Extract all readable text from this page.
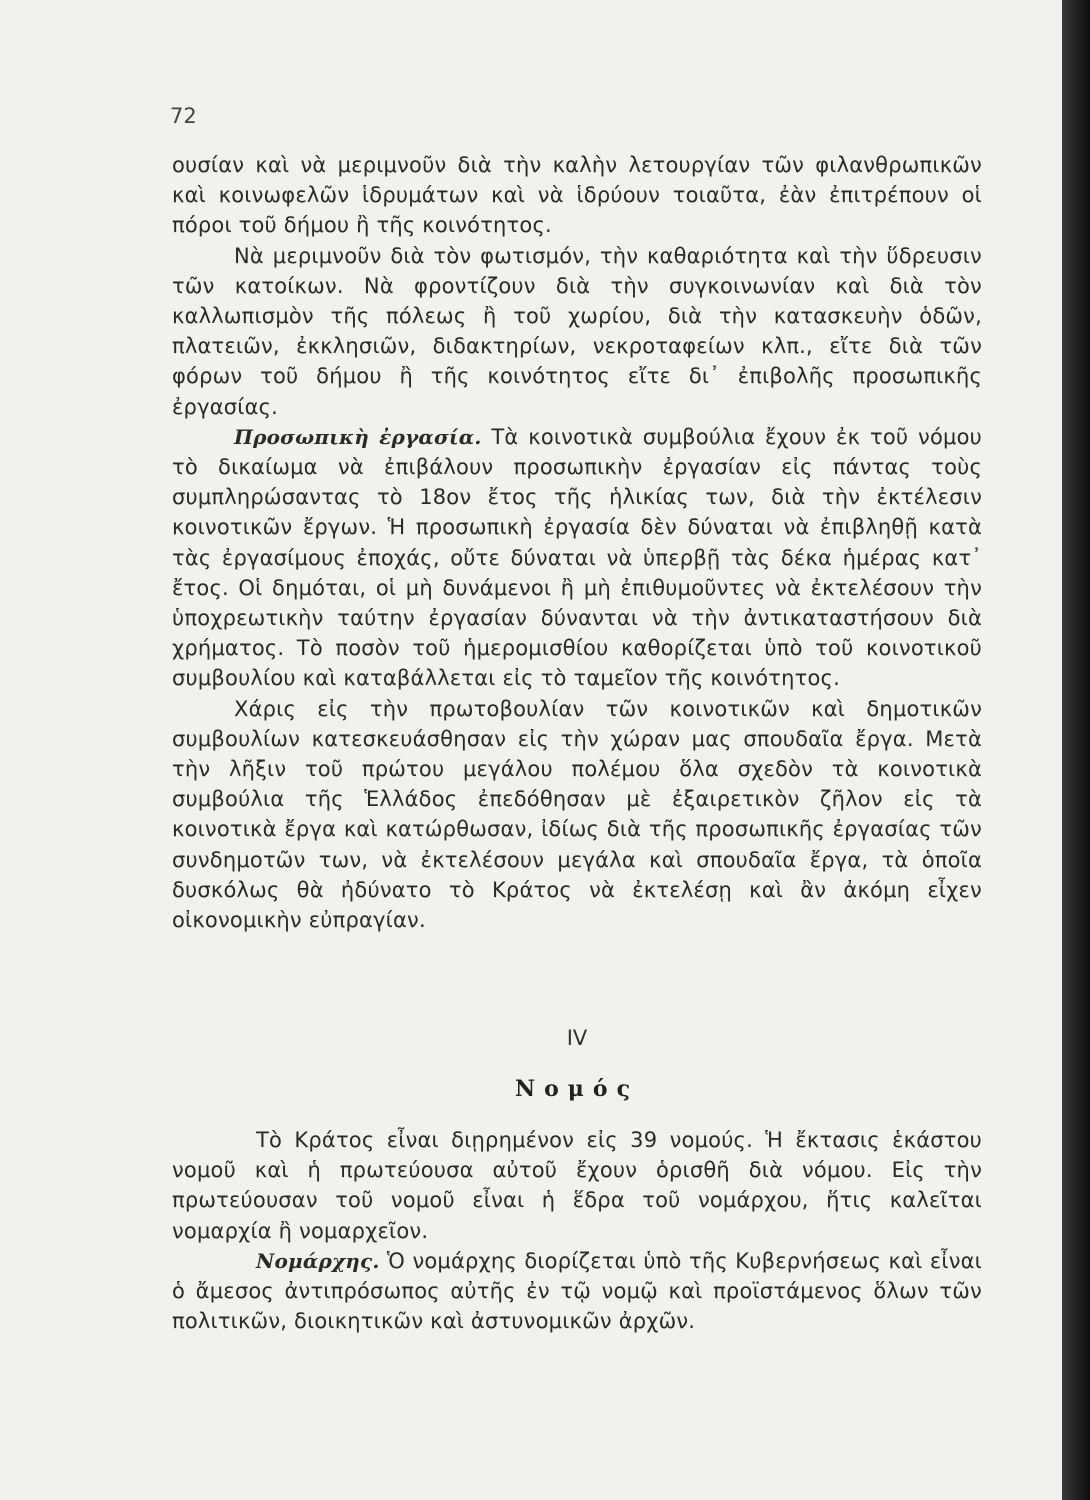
72

ουσίαν καὶ νὰ μεριμνοῦν διὰ τὴν καλὴν λετουργίαν τῶν φιλανθρωπικῶν καὶ κοινωφελῶν ἱδρυμάτων καὶ νὰ ἱδρύουν τοιαῦτα, ἐὰν ἐπιτρέπουν οἱ πόροι τοῦ δήμου ἢ τῆς κοινότητος.

Νὰ μεριμνοῦν διὰ τὸν φωτισμόν, τὴν καθαριότητα καὶ τὴν ὕδρευσιν τῶν κατοίκων. Νὰ φροντίζουν διὰ τὴν συγκοινωνίαν καὶ διὰ τὸν καλλωπισμὸν τῆς πόλεως ἢ τοῦ χωρίου, διὰ τὴν κατασκευὴν ὁδῶν, πλατειῶν, ἐκκλησιῶν, διδακτηρίων, νεκροταφείων κλπ., εἴτε διὰ τῶν φόρων τοῦ δήμου ἢ τῆς κοινότητος εἴτε δι᾿ ἐπιβολῆς προσωπικῆς ἐργασίας.

Προσωπικὴ ἐργασία. Τὰ κοινοτικὰ συμβούλια ἔχουν ἐκ τοῦ νόμου τὸ δικαίωμα νὰ ἐπιβάλουν προσωπικὴν ἐργασίαν εἰς πάντας τοὺς συμπληρώσαντας τὸ 18ον ἔτος τῆς ἡλικίας των, διὰ τὴν ἐκτέλεσιν κοινοτικῶν ἔργων. Ἡ προσωπικὴ ἐργασία δὲν δύναται νὰ ἐπιβληθῇ κατὰ τὰς ἐργασίμους ἐποχάς, οὔτε δύναται νὰ ὑπερβῇ τὰς δέκα ἡμέρας κατ᾿ ἔτος. Οἱ δημόται, οἱ μὴ δυνάμενοι ἢ μὴ ἐπιθυμοῦντες νὰ ἐκτελέσουν τὴν ὑποχρεωτικὴν ταύτην ἐργασίαν δύνανται νὰ τὴν ἀντικαταστήσουν διὰ χρήματος. Τὸ ποσὸν τοῦ ἡμερομισθίου καθορίζεται ὑπὸ τοῦ κοινοτικοῦ συμβουλίου καὶ καταβάλλεται εἰς τὸ ταμεῖον τῆς κοινότητος.

Χάρις εἰς τὴν πρωτοβουλίαν τῶν κοινοτικῶν καὶ δημοτικῶν συμβουλίων κατεσκευάσθησαν εἰς τὴν χώραν μας σπουδαῖα ἔργα. Μετὰ τὴν λῆξιν τοῦ πρώτου μεγάλου πολέμου ὅλα σχεδὸν τὰ κοινοτικὰ συμβούλια τῆς Ἑλλάδος ἐπεδόθησαν μὲ ἐξαιρετικὸν ζῆλον εἰς τὰ κοινοτικὰ ἔργα καὶ κατώρθωσαν, ἰδίως διὰ τῆς προσωπικῆς ἐργασίας τῶν συνδημοτῶν των, νὰ ἐκτελέσουν μεγάλα καὶ σπουδαῖα ἔργα, τὰ ὁποῖα δυσκόλως θὰ ἠδύνατο τὸ Κράτος νὰ ἐκτελέσῃ καὶ ἂν ἀκόμη εἶχεν οἰκονομικὴν εὐπραγίαν.

IV
Νομός

Τὸ Κράτος εἶναι διῃρημένον εἰς 39 νομούς. Ἡ ἔκτασις ἑκάστου νομοῦ καὶ ἡ πρωτεύουσα αὐτοῦ ἔχουν ὁρισθῆ διὰ νόμου. Εἰς τὴν πρωτεύουσαν τοῦ νομοῦ εἶναι ἡ ἕδρα τοῦ νομάρχου, ἥτις καλεῖται νομαρχία ἢ νομαρχεῖον.

Νομάρχης. Ὁ νομάρχης διορίζεται ὑπὸ τῆς Κυβερνήσεως καὶ εἶναι ὁ ἄμεσος ἀντιπρόσωπος αὐτῆς ἐν τῷ νομῷ καὶ προϊστάμενος ὅλων τῶν πολιτικῶν, διοικητικῶν καὶ ἀστυνομικῶν ἀρχῶν.
